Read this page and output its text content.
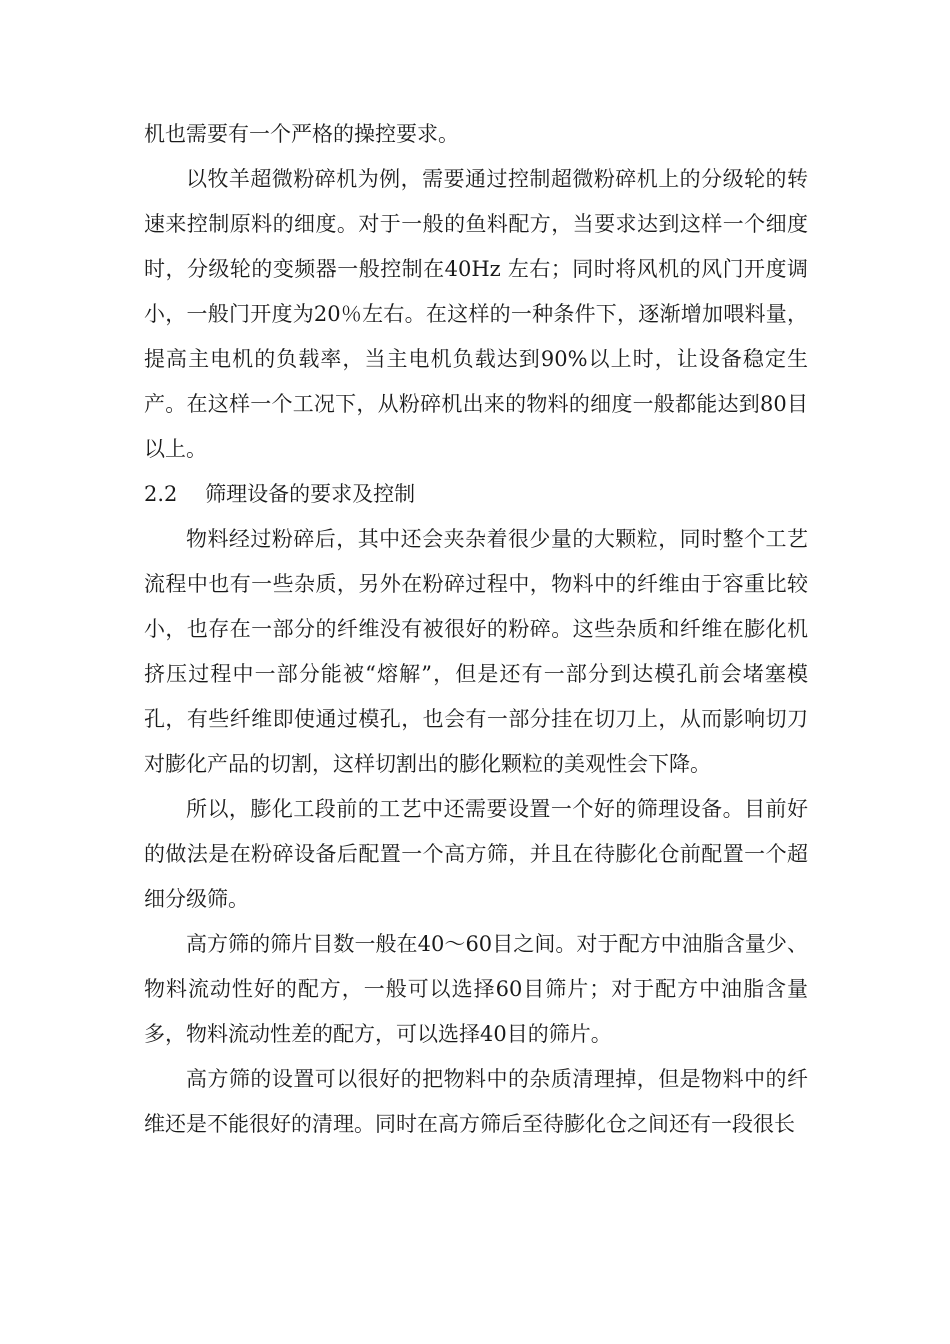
机也需要有一个严格的操控要求。

以牧羊超微粉碎机为例，需要通过控制超微粉碎机上的分级轮的转速来控制原料的细度。对于一般的鱼料配方，当要求达到这样一个细度时，分级轮的变频器一般控制在40Hz 左右；同时将风机的风门开度调小，一般门开度为20％左右。在这样的一种条件下，逐渐增加喂料量，提高主电机的负载率，当主电机负载达到90%以上时，让设备稳定生产。在这样一个工况下，从粉碎机出来的物料的细度一般都能达到80目以上。

2.2　 筛理设备的要求及控制

物料经过粉碎后，其中还会夹杂着很少量的大颗粒，同时整个工艺流程中也有一些杂质，另外在粉碎过程中，物料中的纤维由于容重比较小，也存在一部分的纤维没有被很好的粉碎。这些杂质和纤维在膨化机挤压过程中一部分能被“熔解”，但是还有一部分到达模孔前会堵塞模孔，有些纤维即使通过模孔，也会有一部分挂在切刀上，从而影响切刀对膨化产品的切割，这样切割出的膨化颗粒的美观性会下降。

所以，膨化工段前的工艺中还需要设置一个好的筛理设备。目前好的做法是在粉碎设备后配置一个高方筛，并且在待膨化仓前配置一个超细分级筛。

高方筛的筛片目数一般在40～60目之间。对于配方中油脂含量少、物料流动性好的配方，一般可以选择60目筛片；对于配方中油脂含量多，物料流动性差的配方，可以选择40目的筛片。

高方筛的设置可以很好的把物料中的杂质清理掉，但是物料中的纤维还是不能很好的清理。同时在高方筛后至待膨化仓之间还有一段很长
